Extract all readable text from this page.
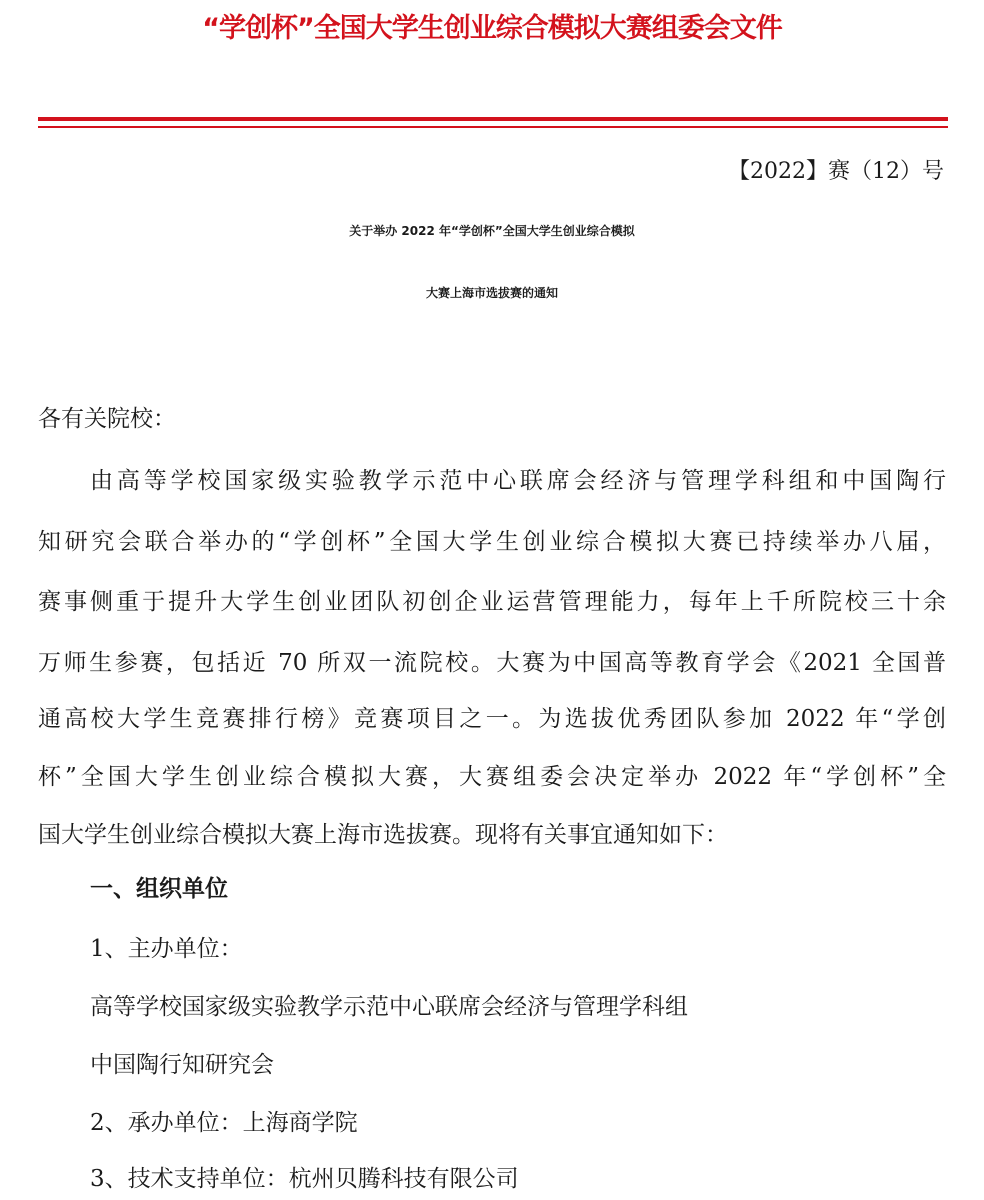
“学创杯”全国大学生创业综合模拟大赛组委会文件
【2022】赛（12）号
关于举办 2022 年“学创杯”全国大学生创业综合模拟
大赛上海市选拔赛的通知
各有关院校：
由高等学校国家级实验教学示范中心联席会经济与管理学科组和中国陶行
知研究会联合举办的“学创杯”全国大学生创业综合模拟大赛已持续举办八届，
赛事侧重于提升大学生创业团队初创企业运营管理能力，每年上千所院校三十余
万师生参赛，包括近 70 所双一流院校。大赛为中国高等教育学会《2021 全国普
通高校大学生竞赛排行榜》竞赛项目之一。为选拔优秀团队参加 2022 年“学创
杯”全国大学生创业综合模拟大赛，大赛组委会决定举办 2022 年“学创杯”全
国大学生创业综合模拟大赛上海市选拔赛。现将有关事宜通知如下：
一、组织单位
1、主办单位：
高等学校国家级实验教学示范中心联席会经济与管理学科组
中国陶行知研究会
2、承办单位：上海商学院
3、技术支持单位：杭州贝腾科技有限公司
